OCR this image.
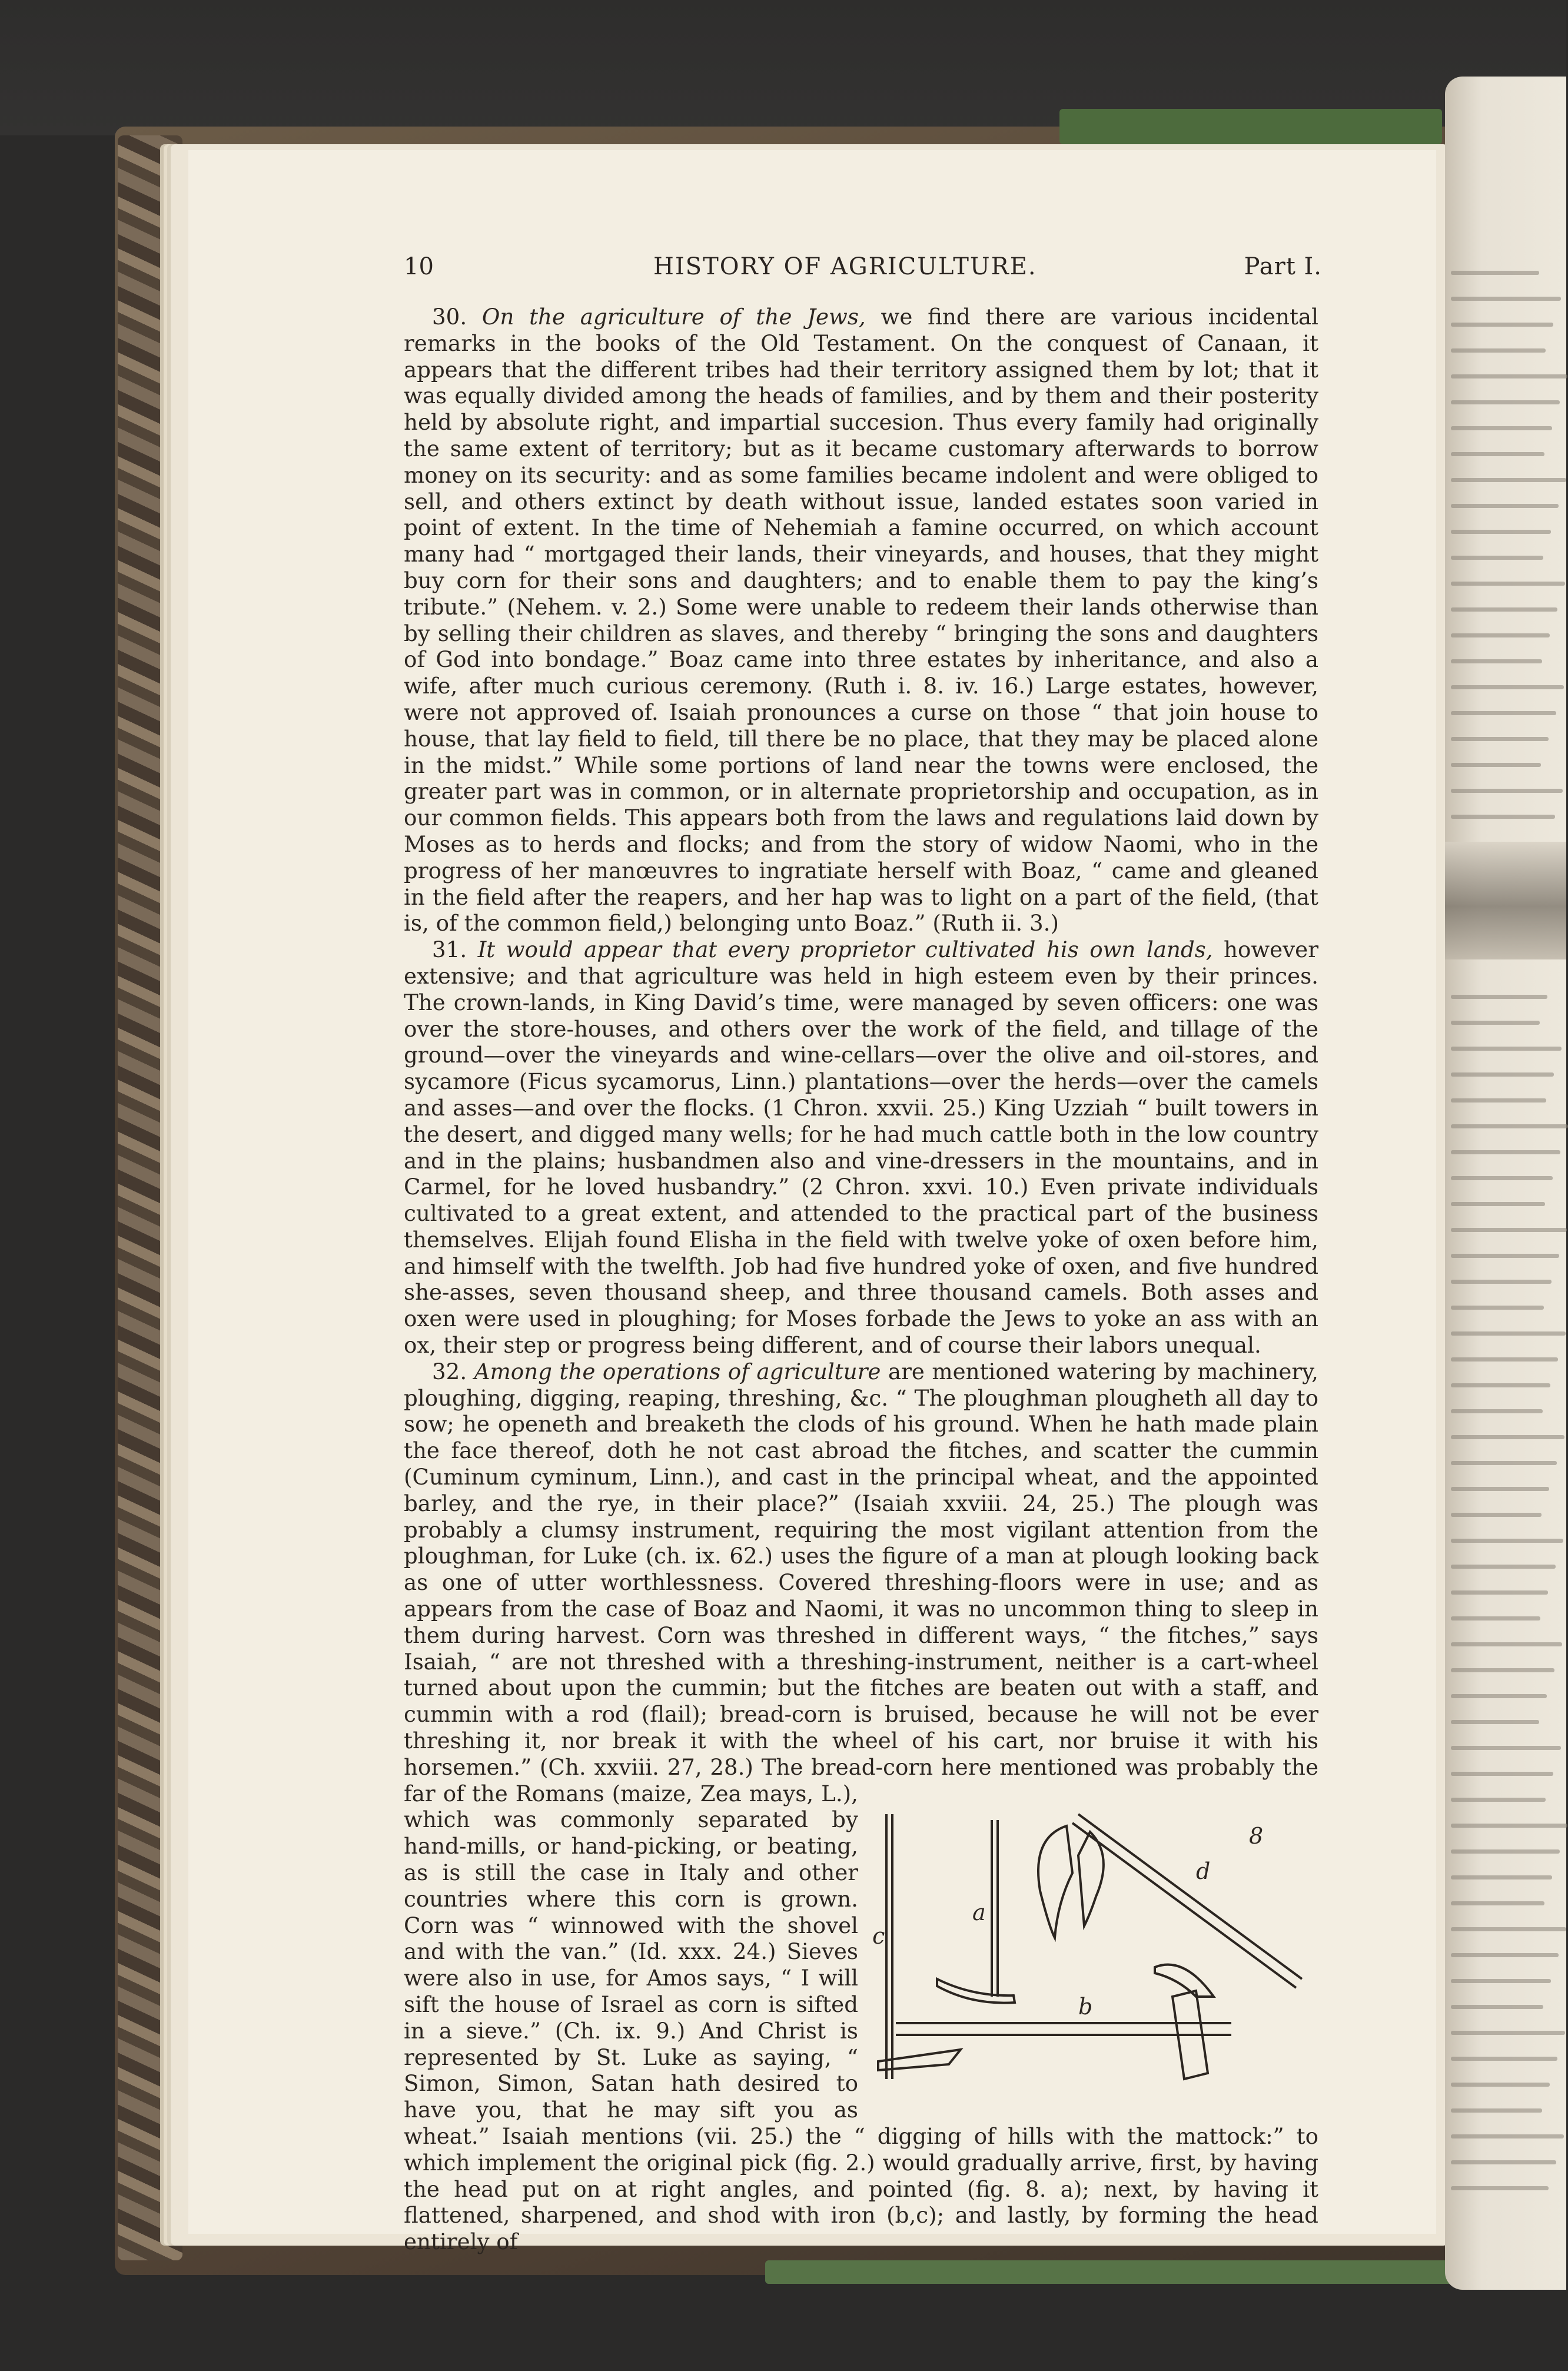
10	HISTORY OF AGRICULTURE.	Part I.

30. On the agriculture of the Jews, we find there are various incidental remarks in the books of the Old Testament. On the conquest of Canaan, it appears that the different tribes had their territory assigned them by lot; that it was equally divided among the heads of families, and by them and their posterity held by absolute right, and impartial succesion. Thus every family had originally the same extent of territory; but as it became customary afterwards to borrow money on its security: and as some families became indolent and were obliged to sell, and others extinct by death without issue, landed estates soon varied in point of extent. In the time of Nehemiah a famine occurred, on which account many had “ mortgaged their lands, their vineyards, and houses, that they might buy corn for their sons and daughters; and to enable them to pay the king’s tribute.” (Nehem. v. 2.) Some were unable to redeem their lands otherwise than by selling their children as slaves, and thereby “ bringing the sons and daughters of God into bondage.” Boaz came into three estates by inheritance, and also a wife, after much curious ceremony. (Ruth i. 8. iv. 16.) Large estates, however, were not approved of. Isaiah pronounces a curse on those “ that join house to house, that lay field to field, till there be no place, that they may be placed alone in the midst.” While some portions of land near the towns were enclosed, the greater part was in common, or in alternate proprietorship and occupation, as in our common fields. This appears both from the laws and regulations laid down by Moses as to herds and flocks; and from the story of widow Naomi, who in the progress of her manœuvres to ingratiate herself with Boaz, “ came and gleaned in the field after the reapers, and her hap was to light on a part of the field, (that is, of the common field,) belonging unto Boaz.” (Ruth ii. 3.)

31. It would appear that every proprietor cultivated his own lands, however extensive; and that agriculture was held in high esteem even by their princes. The crown-lands, in King David’s time, were managed by seven officers: one was over the store-houses, and others over the work of the field, and tillage of the ground—over the vineyards and wine-cellars—over the olive and oil-stores, and sycamore (Ficus sycamorus, Linn.) plantations—over the herds—over the camels and asses—and over the flocks. (1 Chron. xxvii. 25.) King Uzziah “ built towers in the desert, and digged many wells; for he had much cattle both in the low country and in the plains; husbandmen also and vine-dressers in the mountains, and in Carmel, for he loved husbandry.” (2 Chron. xxvi. 10.) Even private individuals cultivated to a great extent, and attended to the practical part of the business themselves. Elijah found Elisha in the field with twelve yoke of oxen before him, and himself with the twelfth. Job had five hundred yoke of oxen, and five hundred she-asses, seven thousand sheep, and three thousand camels. Both asses and oxen were used in ploughing; for Moses forbade the Jews to yoke an ass with an ox, their step or progress being different, and of course their labors unequal.

32. Among the operations of agriculture are mentioned watering by machinery, ploughing, digging, reaping, threshing, &c. “ The ploughman plougheth all day to sow; he openeth and breaketh the clods of his ground. When he hath made plain the face thereof, doth he not cast abroad the fitches, and scatter the cummin (Cuminum cyminum, Linn.), and cast in the principal wheat, and the appointed barley, and the rye, in their place?” (Isaiah xxviii. 24, 25.) The plough was probably a clumsy instrument, requiring the most vigilant attention from the ploughman, for Luke (ch. ix. 62.) uses the figure of a man at plough looking back as one of utter worthlessness. Covered threshing-floors were in use; and as appears from the case of Boaz and Naomi, it was no uncommon thing to sleep in them during harvest. Corn was threshed in different ways, “ the fitches,” says Isaiah, “ are not threshed with a threshing-instrument, neither is a cart-wheel turned about upon the cummin; but the fitches are beaten out with a staff, and cummin with a rod (flail); bread-corn is bruised, because he will not be ever threshing it, nor break it with the wheel of his cart, nor bruise it with his horsemen.” (Ch. xxviii. 27, 28.) The bread-corn here mentioned was probably the far of the Romans (maize, Zea mays, L.), which was commonly separated by hand-mills, or hand-picking, or beating, as is still the case in Italy and other countries where this corn is grown. Corn was “ winnowed with the shovel and with the van.” (Id. xxx. 24.) Sieves were also in use, for Amos says, “ I will sift the house of Israel as corn is sifted in a sieve.” (Ch. ix. 9.) And Christ is represented by St. Luke as saying, “ Simon, Simon, Satan hath desired to have you, that he may sift you as wheat.” Isaiah mentions (vii. 25.) the “ digging of hills with the mattock:” to which implement the original pick (fig. 2.) would gradually arrive, first, by having the head put on at right angles, and pointed (fig. 8. a); next, by having it flattened, sharpened, and shod with iron (b,c); and lastly, by forming the head entirely of

8
d
a
b
c
